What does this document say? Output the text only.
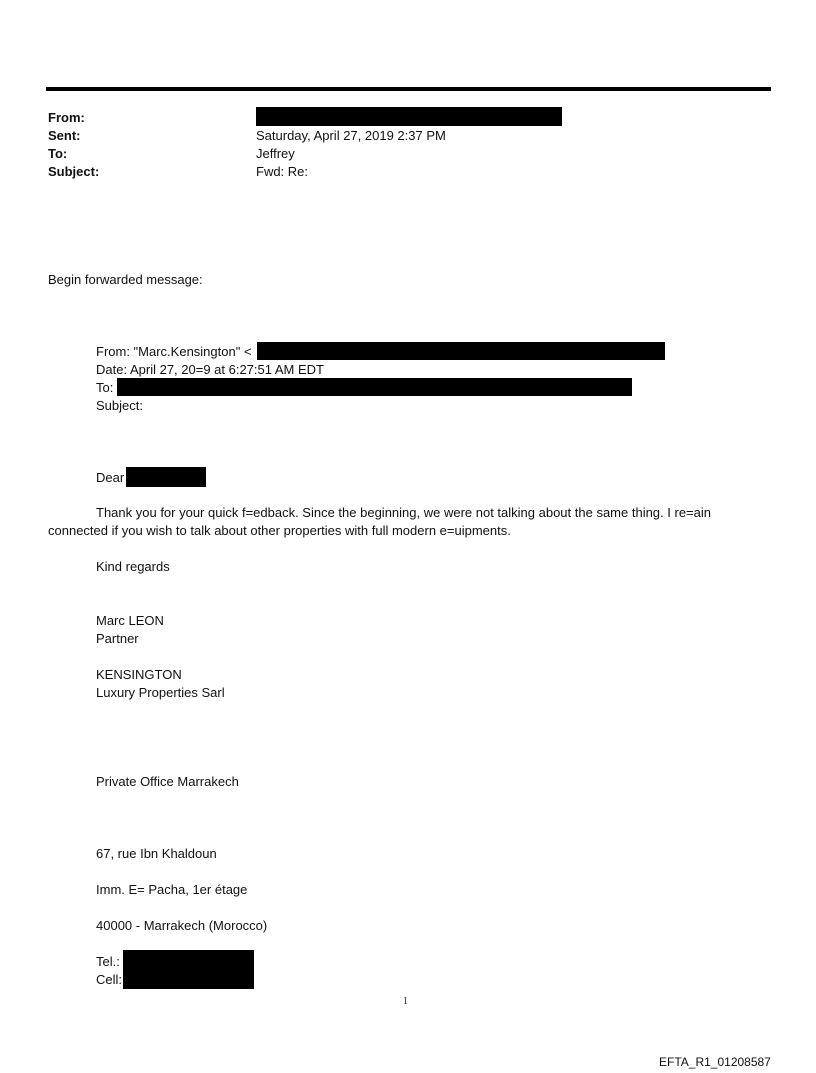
From:
Sent:	Saturday, April 27, 2019 2:37 PM
To:	Jeffrey
Subject:	Fwd: Re:
Begin forwarded message:
From: "Marc.Kensington" <
Date: April 27, 20=9 at 6:27:51 AM EDT
To:
Subject:
Dear
Thank you for your quick f=edback. Since the beginning, we were not talking about the same thing. I re=ain
connected if you wish to talk about other properties with full modern e=uipments.
Kind regards
Marc LEON
Partner
KENSINGTON
Luxury Properties Sarl
Private Office Marrakech
67, rue Ibn Khaldoun
Imm. E= Pacha, 1er étage
40000 - Marrakech (Morocco)
Tel.:
Cell:
1
EFTA_R1_01208587
